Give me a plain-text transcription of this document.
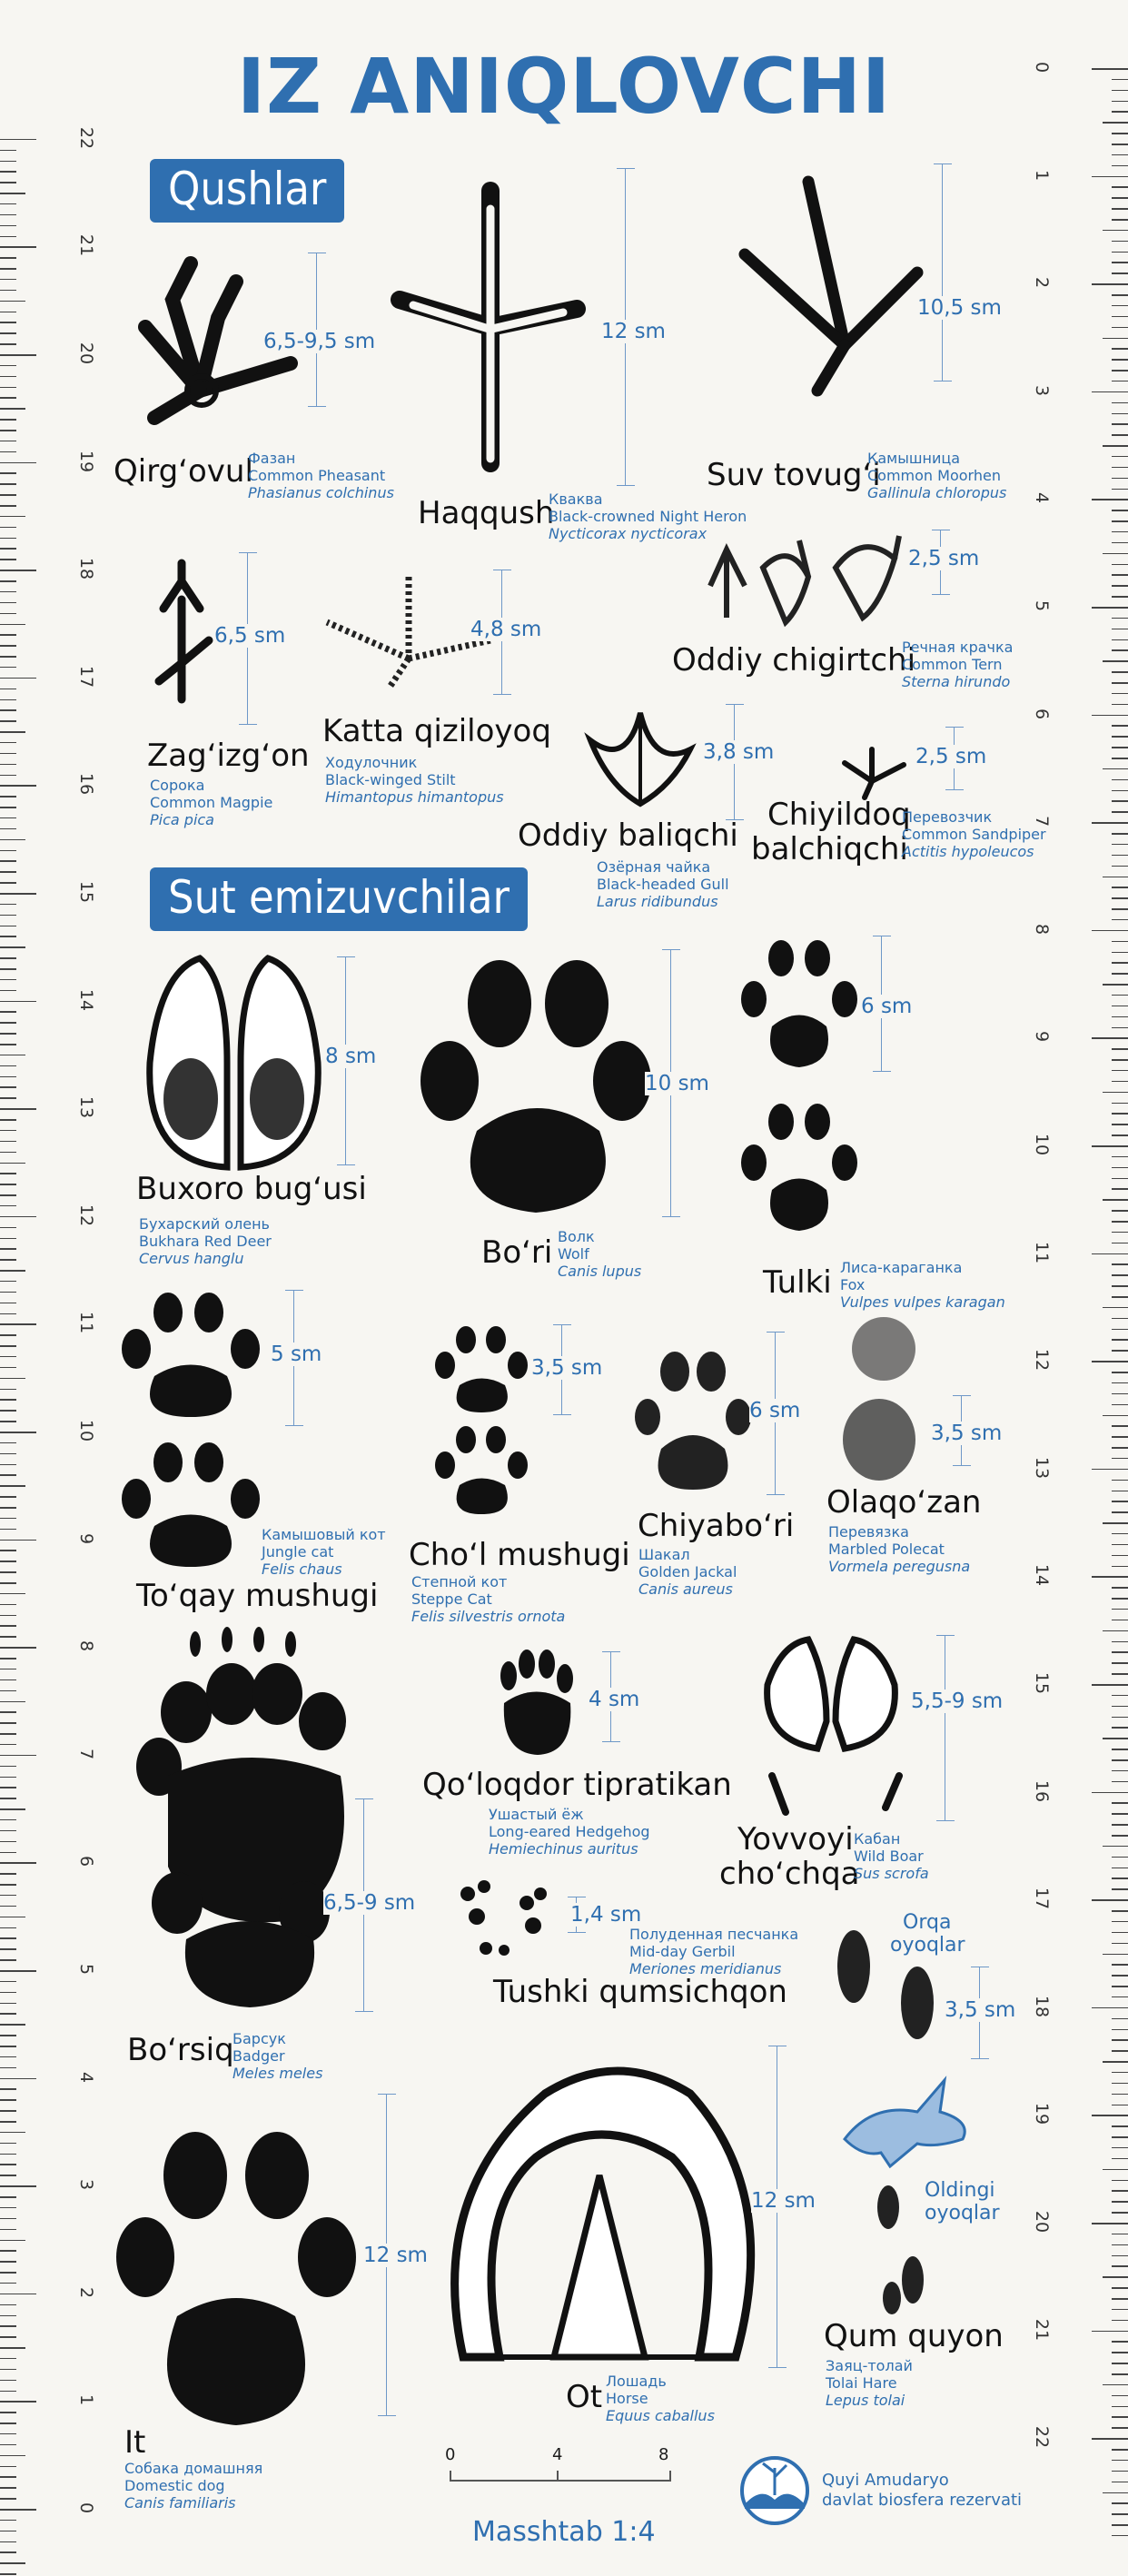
22
21
20
19
18
17
16
15
14
13
12
11
10
9
8
7
6
5
4
3
2
1
0
0
1
2
3
4
5
6
7
8
9
10
11
12
13
14
15
16
17
18
19
20
21
22
IZ ANIQLOVCHI
Qushlar
Sut emizuvchilar
6,5-9,5 sm
Qirg‘ovul
Фазан
Common Pheasant
Phasianus colchinus
12 sm
Haqqush
Кваква
Black-crowned Night Heron
Nycticorax nycticorax
10,5 sm
Suv tovug‘i
Камышница
Common Moorhen
Gallinula chloropus
6,5 sm
Zag‘izg‘on
Сорока
Common Magpie
Pica pica
4,8 sm
Katta qiziloyoq
Ходулочник
Black-winged Stilt
Himantopus himantopus
2,5 sm
Oddiy chigirtchi
Речная крачка
Common Tern
Sterna hirundo
3,8 sm
Oddiy baliqchi
Озёрная чайка
Black-headed Gull
Larus ridibundus
2,5 sm
Chiyildoq
balchiqchi
Перевозчик
Common Sandpiper
Actitis hypoleucos
8 sm
Buxoro bug‘usi
Бухарский олень
Bukhara Red Deer
Cervus hanglu
10 sm
Bo‘ri Волк
Wolf
Canis lupus
6 sm
Tulki Лиса-караганка
Fox
Vulpes vulpes karagan
5 sm
To‘qay mushugi
Камышовый кот
Jungle cat
Felis chaus
3,5 sm
Cho‘l mushugi
Степной кот
Steppe Cat
Felis silvestris ornota
6 sm
Chiyabo‘ri
Шакал
Golden Jackal
Canis aureus
3,5 sm
Olaqo‘zan
Перевязка
Marbled Polecat
Vormela peregusna
6,5-9 sm
Bo‘rsiq
Барсук
Badger
Meles meles
4 sm
Qo‘loqdor tipratikan
Ушастый ёж
Long-eared Hedgehog
Hemiechinus auritus
5,5-9 sm
Yovvoyi
cho‘chqa
Кабан
Wild Boar
Sus scrofa
1,4 sm
Tushki qumsichqon
Полуденная песчанка
Mid-day Gerbil
Meriones meridianus
Orqa
oyoqlar
3,5 sm
Oldingi
oyoqlar
Qum quyon
Заяц-толай
Tolai Hare
Lepus tolai
12 sm
It
Собака домашняя
Domestic dog
Canis familiaris
12 sm
Ot Лошадь
Horse
Equus caballus
0	4	8
Masshtab 1:4
Quyi Amudaryo
davlat biosfera rezervati
